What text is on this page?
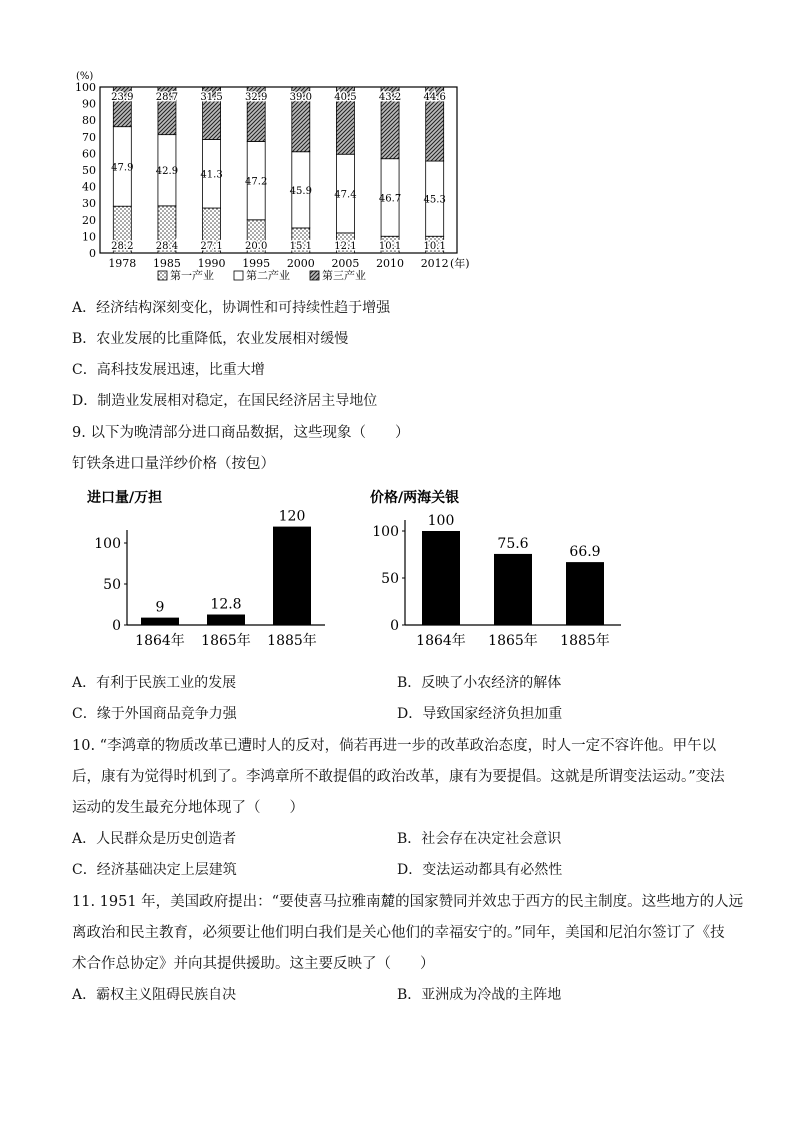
(%)
0
10
20
30
40
50
60
70
80
90
100
28.2
47.9
23.9
28.4
42.9
28.7
27.1
41.3
31.5
20.0
47.2
32.9
15.1
45.9
39.0
12.1
47.4
40.5
10.1
46.7
43.2
10.1
45.3
44.6
1978 1985 1990 1995 2000 2005 2010 2012 (年)
第一产业	第二产业	第三产业
A．经济结构深刻变化，协调性和可持续性趋于增强
B．农业发展的比重降低，农业发展相对缓慢
C．高科技发展迅速，比重大增
D．制造业发展相对稳定，在国民经济居主导地位
9. 以下为晚清部分进口商品数据，这些现象（　　）
钉铁条进口量洋纱价格（按包）
进口量/万担
0
50
100
9	12.8
120
1864年 1865年 1885年
价格/两海关银
0
50
100
100
75.6
66.9
1864年 1865年 1885年
A．有利于民族工业的发展	B．反映了小农经济的解体
C．缘于外国商品竞争力强	D．导致国家经济负担加重
10. “李鸿章的物质改革已遭时人的反对，倘若再进一步的改革政治态度，时人一定不容许他。甲午以
后，康有为觉得时机到了。李鸿章所不敢提倡的政治改革，康有为要提倡。这就是所谓变法运动。”变法
运动的发生最充分地体现了（　　）
A．人民群众是历史创造者	B．社会存在决定社会意识
C．经济基础决定上层建筑	D．变法运动都具有必然性
11. 1951 年，美国政府提出：“要使喜马拉雅南麓的国家赞同并效忠于西方的民主制度。这些地方的人远
离政治和民主教育，必须要让他们明白我们是关心他们的幸福安宁的。”同年，美国和尼泊尔签订了《技
术合作总协定》并向其提供援助。这主要反映了（　　）
A．霸权主义阻碍民族自决	B．亚洲成为冷战的主阵地
